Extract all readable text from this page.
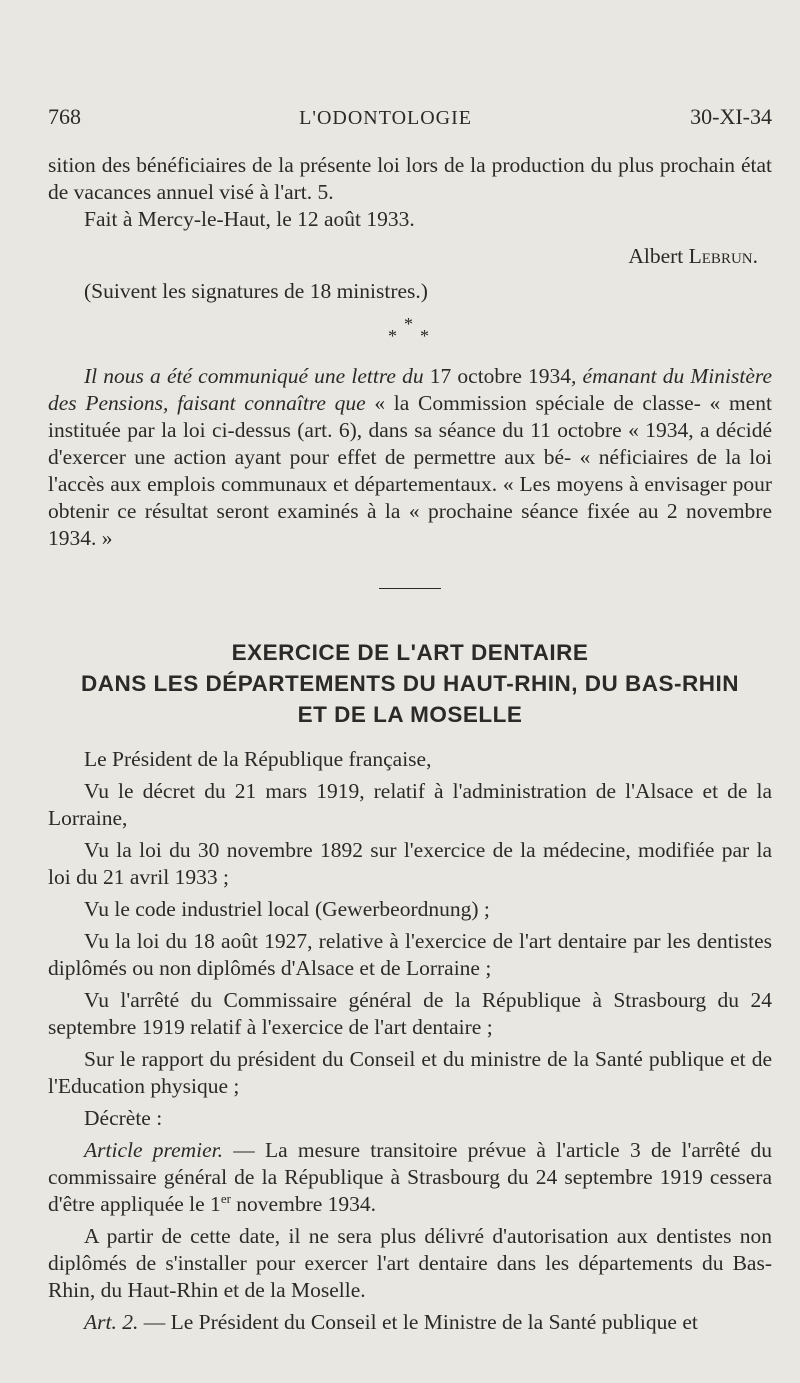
768	L'ODONTOLOGIE	30-XI-34

sition des bénéficiaires de la présente loi lors de la production du plus prochain état de vacances annuel visé à l'art. 5.

Fait à Mercy-le-Haut, le 12 août 1933.

Albert Lebrun.

(Suivent les signatures de 18 ministres.)

*
* *

Il nous a été communiqué une lettre du 17 octobre 1934, émanant du Ministère des Pensions, faisant connaître que « la Commission spéciale de classe- « ment instituée par la loi ci-dessus (art. 6), dans sa séance du 11 octobre « 1934, a décidé d'exercer une action ayant pour effet de permettre aux bé- « néficiaires de la loi l'accès aux emplois communaux et départementaux. « Les moyens à envisager pour obtenir ce résultat seront examinés à la « prochaine séance fixée au 2 novembre 1934. »

EXERCICE DE L'ART DENTAIRE
DANS LES DÉPARTEMENTS DU HAUT-RHIN, DU BAS-RHIN
ET DE LA MOSELLE

Le Président de la République française,

Vu le décret du 21 mars 1919, relatif à l'administration de l'Alsace et de la Lorraine,

Vu la loi du 30 novembre 1892 sur l'exercice de la médecine, modifiée par la loi du 21 avril 1933 ;

Vu le code industriel local (Gewerbeordnung) ;

Vu la loi du 18 août 1927, relative à l'exercice de l'art dentaire par les dentistes diplômés ou non diplômés d'Alsace et de Lorraine ;

Vu l'arrêté du Commissaire général de la République à Strasbourg du 24 septembre 1919 relatif à l'exercice de l'art dentaire ;

Sur le rapport du président du Conseil et du ministre de la Santé publique et de l'Education physique ;

Décrète :

Article premier. — La mesure transitoire prévue à l'article 3 de l'arrêté du commissaire général de la République à Strasbourg du 24 septembre 1919 cessera d'être appliquée le 1er novembre 1934.

A partir de cette date, il ne sera plus délivré d'autorisation aux dentistes non diplômés de s'installer pour exercer l'art dentaire dans les départements du Bas-Rhin, du Haut-Rhin et de la Moselle.

Art. 2. — Le Président du Conseil et le Ministre de la Santé publique et
